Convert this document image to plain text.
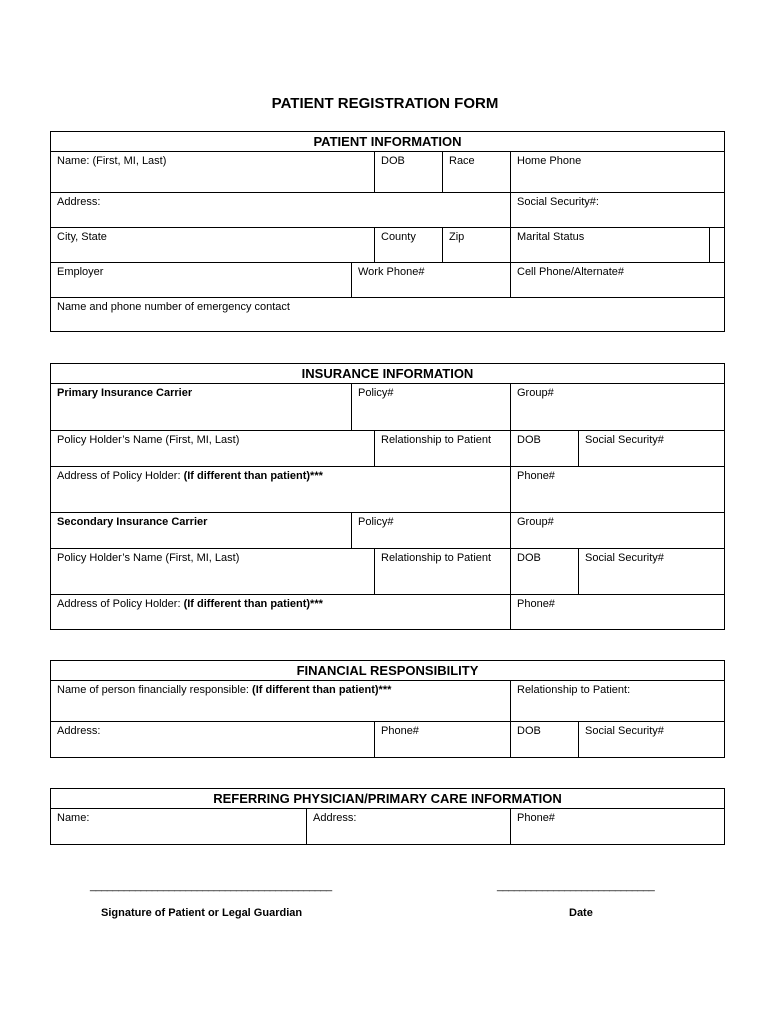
PATIENT REGISTRATION FORM
PATIENT INFORMATION
Name: (First, MI, Last)	DOB	Race	Home Phone
Address:	Social Security#:
City, State	County	Zip	Marital Status
Employer	Work Phone#	Cell Phone/Alternate#
Name and phone number of emergency contact
INSURANCE INFORMATION
Primary Insurance Carrier	Policy#	Group#
Policy Holder’s Name (First, MI, Last)	Relationship to Patient	DOB	Social Security#
Address of Policy Holder: (If different than patient)***	Phone#
Secondary Insurance Carrier	Policy#	Group#
Policy Holder’s Name (First, MI, Last)	Relationship to Patient	DOB	Social Security#
Address of Policy Holder: (If different than patient)***	Phone#
FINANCIAL RESPONSIBILITY
Name of person financially responsible: (If different than patient)***	Relationship to Patient:
Address:	Phone#	DOB	Social Security#
REFERRING PHYSICIAN/PRIMARY CARE INFORMATION
Name:	Address:	Phone#
___________________________________________
Signature of Patient or Legal Guardian
____________________________
Date
